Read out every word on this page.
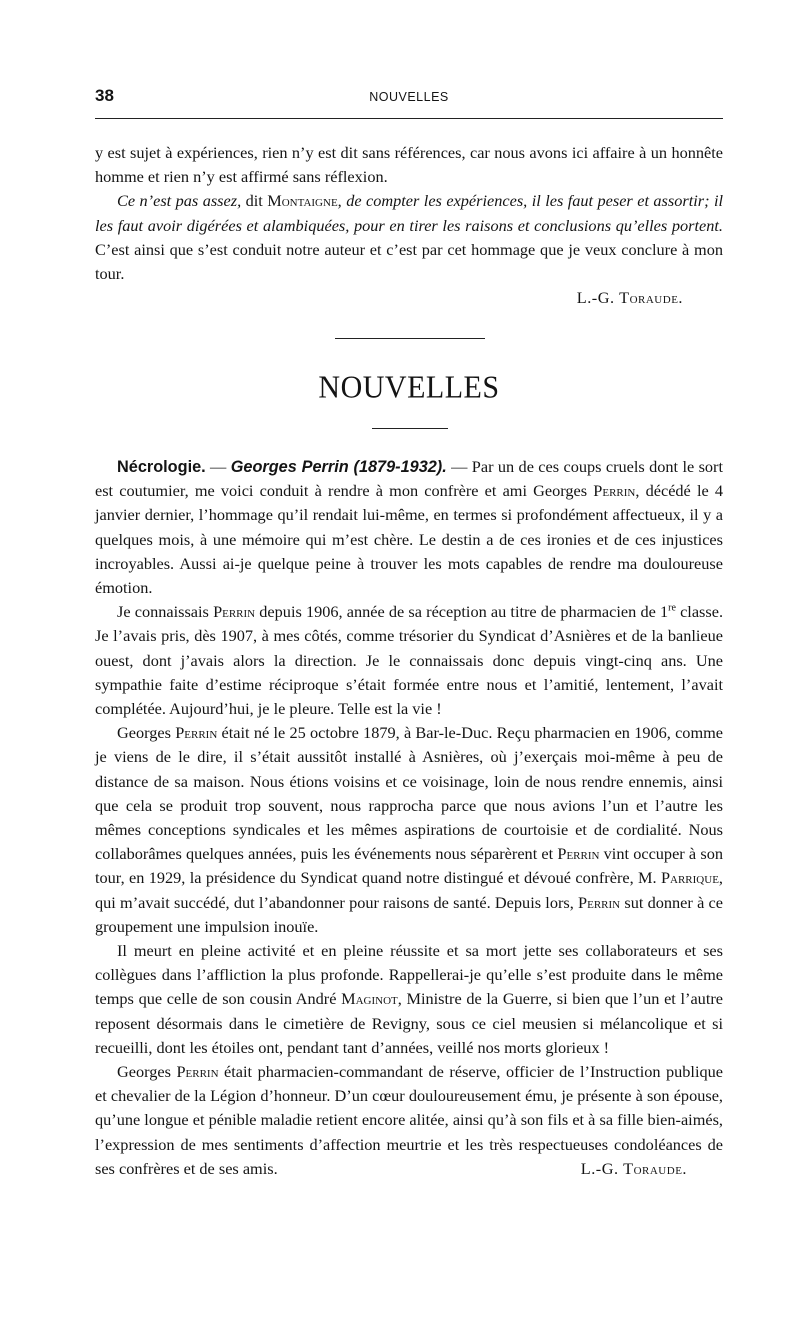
38	NOUVELLES

y est sujet à expériences, rien n’y est dit sans références, car nous avons ici affaire à un honnête homme et rien n’y est affirmé sans réflexion.

Ce n’est pas assez, dit Montaigne, de compter les expériences, il les faut peser et assortir; il les faut avoir digérées et alambiquées, pour en tirer les raisons et conclusions qu’elles portent. C’est ainsi que s’est conduit notre auteur et c’est par cet hommage que je veux conclure à mon tour.

L.-G. Toraude.

NOUVELLES

Nécrologie. — Georges Perrin (1879-1932). — Par un de ces coups cruels dont le sort est coutumier, me voici conduit à rendre à mon confrère et ami Georges Perrin, décédé le 4 janvier dernier, l’hommage qu’il rendait lui-même, en termes si profondément affectueux, il y a quelques mois, à une mémoire qui m’est chère. Le destin a de ces ironies et de ces injustices incroyables. Aussi ai-je quelque peine à trouver les mots capables de rendre ma douloureuse émotion.

Je connaissais Perrin depuis 1906, année de sa réception au titre de pharmacien de 1re classe. Je l’avais pris, dès 1907, à mes côtés, comme trésorier du Syndicat d’Asnières et de la banlieue ouest, dont j’avais alors la direction. Je le connaissais donc depuis vingt-cinq ans. Une sympathie faite d’estime réciproque s’était formée entre nous et l’amitié, lentement, l’avait complétée. Aujourd’hui, je le pleure. Telle est la vie !

Georges Perrin était né le 25 octobre 1879, à Bar-le-Duc. Reçu pharmacien en 1906, comme je viens de le dire, il s’était aussitôt installé à Asnières, où j’exerçais moi-même à peu de distance de sa maison. Nous étions voisins et ce voisinage, loin de nous rendre ennemis, ainsi que cela se produit trop souvent, nous rapprocha parce que nous avions l’un et l’autre les mêmes conceptions syndicales et les mêmes aspirations de courtoisie et de cordialité. Nous collaborâmes quelques années, puis les événements nous séparèrent et Perrin vint occuper à son tour, en 1929, la présidence du Syndicat quand notre distingué et dévoué confrère, M. Parrique, qui m’avait succédé, dut l’abandonner pour raisons de santé. Depuis lors, Perrin sut donner à ce groupement une impulsion inouïe.

Il meurt en pleine activité et en pleine réussite et sa mort jette ses collaborateurs et ses collègues dans l’affliction la plus profonde. Rappellerai-je qu’elle s’est produite dans le même temps que celle de son cousin André Maginot, Ministre de la Guerre, si bien que l’un et l’autre reposent désormais dans le cimetière de Revigny, sous ce ciel meusien si mélancolique et si recueilli, dont les étoiles ont, pendant tant d’années, veillé nos morts glorieux !

Georges Perrin était pharmacien-commandant de réserve, officier de l’Instruction publique et chevalier de la Légion d’honneur. D’un cœur douloureusement ému, je présente à son épouse, qu’une longue et pénible maladie retient encore alitée, ainsi qu’à son fils et à sa fille bien-aimés, l’expression de mes sentiments d’affection meurtrie et les très respectueuses condoléances de ses confrères et de ses amis.	L.-G. Toraude.
